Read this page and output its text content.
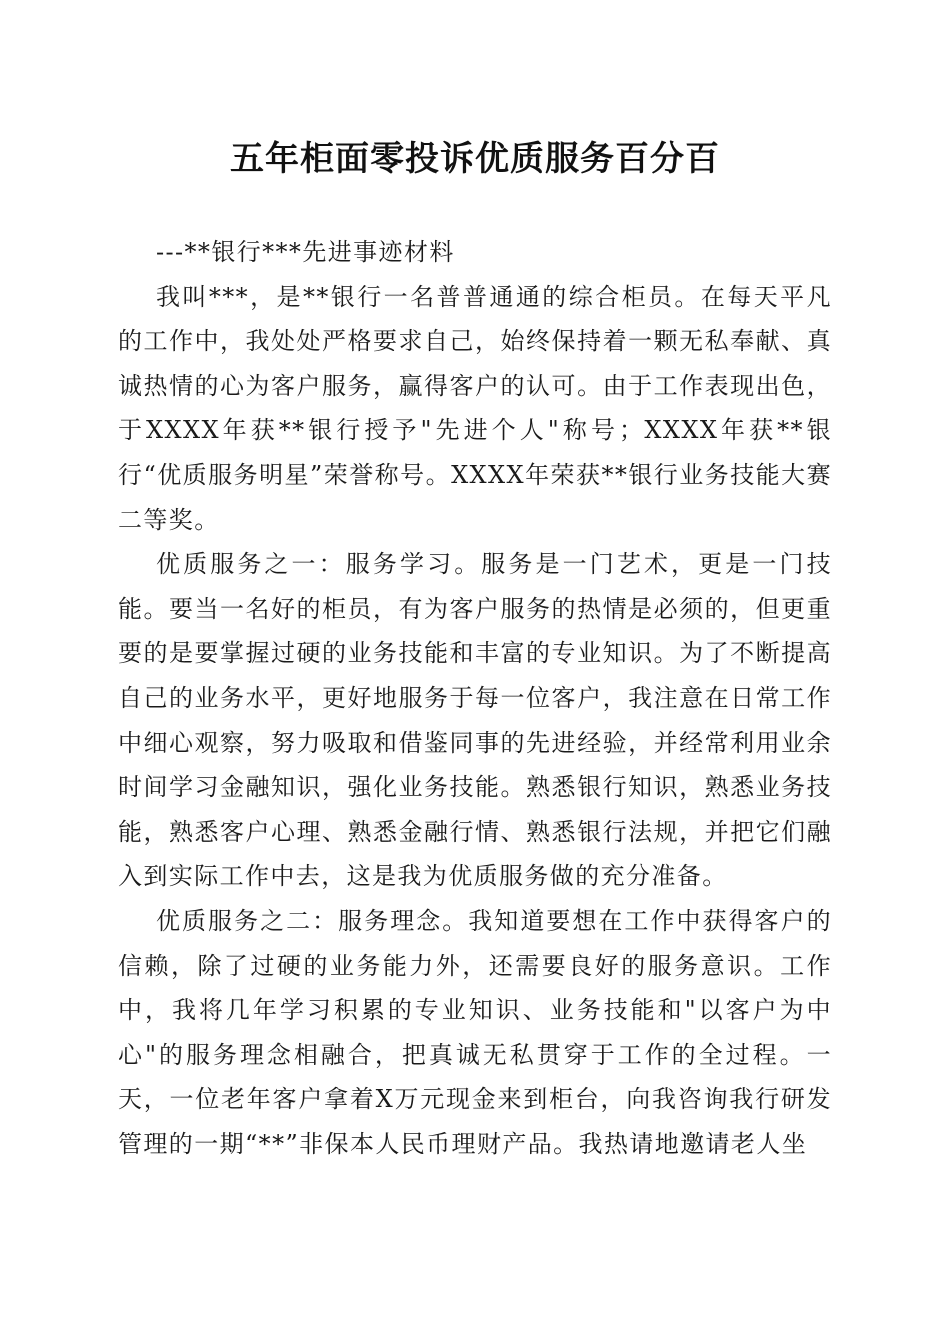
五年柜面零投诉优质服务百分百

---**银行***先进事迹材料

我叫***，是**银行一名普普通通的综合柜员。在每天平凡的工作中，我处处严格要求自己，始终保持着一颗无私奉献、真诚热情的心为客户服务，赢得客户的认可。由于工作表现出色，于XXXX年获**银行授予"先进个人"称号；XXXX年获**银行“优质服务明星”荣誉称号。XXXX年荣获**银行业务技能大赛二等奖。

优质服务之一：服务学习。服务是一门艺术，更是一门技能。要当一名好的柜员，有为客户服务的热情是必须的，但更重要的是要掌握过硬的业务技能和丰富的专业知识。为了不断提高自己的业务水平，更好地服务于每一位客户，我注意在日常工作中细心观察，努力吸取和借鉴同事的先进经验，并经常利用业余时间学习金融知识，强化业务技能。熟悉银行知识，熟悉业务技能，熟悉客户心理、熟悉金融行情、熟悉银行法规，并把它们融入到实际工作中去，这是我为优质服务做的充分准备。

优质服务之二：服务理念。我知道要想在工作中获得客户的信赖，除了过硬的业务能力外，还需要良好的服务意识。工作中，我将几年学习积累的专业知识、业务技能和"以客户为中心"的服务理念相融合，把真诚无私贯穿于工作的全过程。一天，一位老年客户拿着X万元现金来到柜台，向我咨询我行研发管理的一期“**”非保本人民币理财产品。我热请地邀请老人坐
